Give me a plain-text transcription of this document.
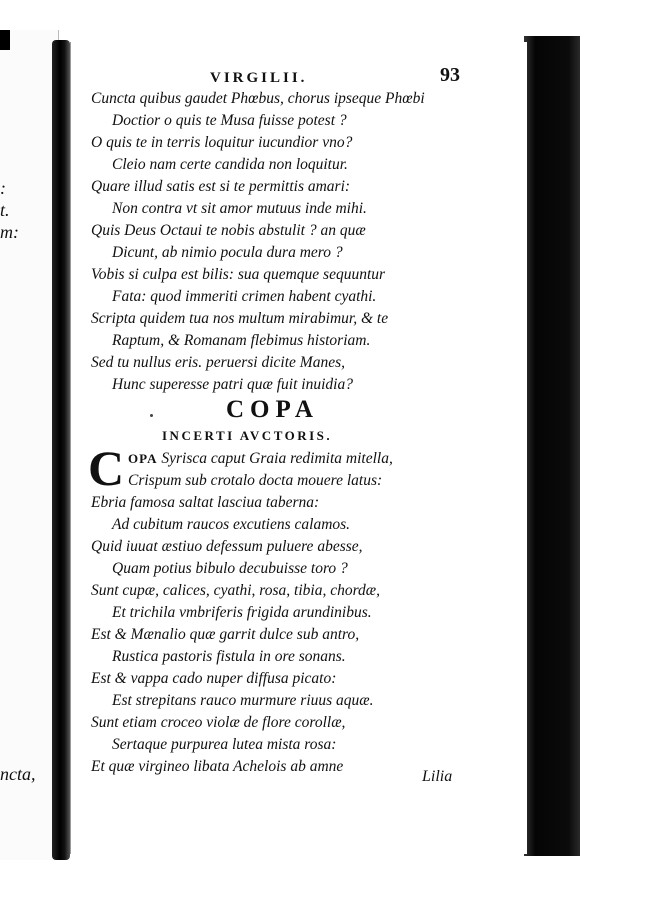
:
t.
m:
ncta,
VIRGILII.	93
Cuncta quibus gaudet Phœbus, chorus ipseque Phœbi
Doctior o quis te Musa fuisse potest ?
O quis te in terris loquitur iucundior vno?
Cleio nam certe candida non loquitur.
Quare illud satis est si te permittis amari:
Non contra vt sit amor mutuus inde mihi.
Quis Deus Octaui te nobis abstulit ? an quæ
Dicunt, ab nimio pocula dura mero ?
Vobis si culpa est bilis: sua quemque sequuntur
Fata: quod immeriti crimen habent cyathi.
Scripta quidem tua nos multum mirabimur, & te
Raptum, & Romanam flebimus historiam.
Sed tu nullus eris. peruersi dicite Manes,
Hunc superesse patri quæ fuit inuidia?
COPA
INCERTI AVCTORIS.
C OPA Syrisca caput Graia redimita mitella,
Crispum sub crotalo docta mouere latus:
Ebria famosa saltat lasciua taberna:
Ad cubitum raucos excutiens calamos.
Quid iuuat æstiuo defessum puluere abesse,
Quam potius bibulo decubuisse toro ?
Sunt cupæ, calices, cyathi, rosa, tibia, chordæ,
Et trichila vmbriferis frigida arundinibus.
Est & Mænalio quæ garrit dulce sub antro,
Rustica pastoris fistula in ore sonans.
Est & vappa cado nuper diffusa picato:
Est strepitans rauco murmure riuus aquæ.
Sunt etiam croceo violæ de flore corollæ,
Sertaque purpurea lutea mista rosa:
Et quæ virgineo libata Achelois ab amne
Lilia
